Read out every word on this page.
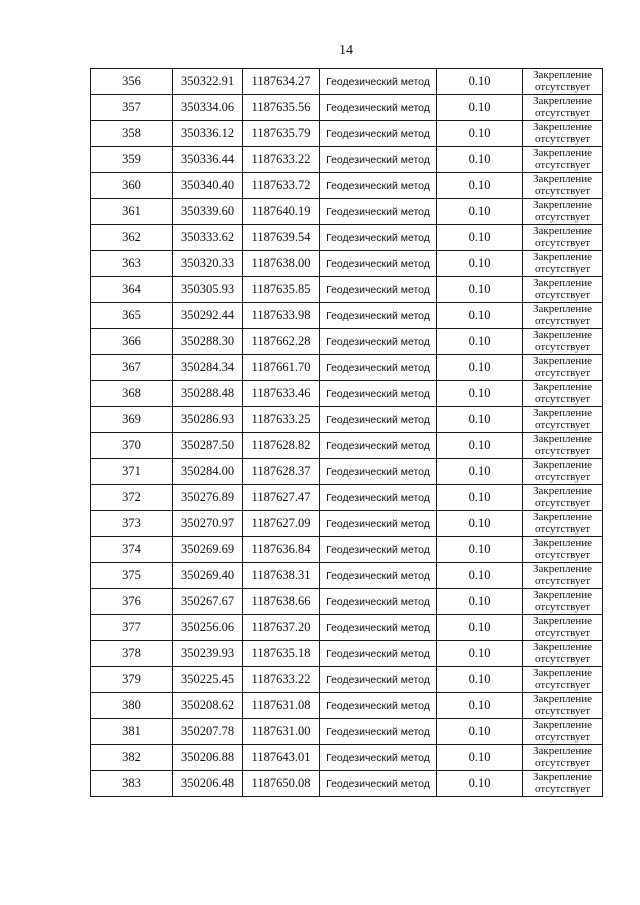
14
356	350322.91	1187634.27	Геодезический метод	0.10	Закрепление отсутствует
357	350334.06	1187635.56	Геодезический метод	0.10	Закрепление отсутствует
358	350336.12	1187635.79	Геодезический метод	0.10	Закрепление отсутствует
359	350336.44	1187633.22	Геодезический метод	0.10	Закрепление отсутствует
360	350340.40	1187633.72	Геодезический метод	0.10	Закрепление отсутствует
361	350339.60	1187640.19	Геодезический метод	0.10	Закрепление отсутствует
362	350333.62	1187639.54	Геодезический метод	0.10	Закрепление отсутствует
363	350320.33	1187638.00	Геодезический метод	0.10	Закрепление отсутствует
364	350305.93	1187635.85	Геодезический метод	0.10	Закрепление отсутствует
365	350292.44	1187633.98	Геодезический метод	0.10	Закрепление отсутствует
366	350288.30	1187662.28	Геодезический метод	0.10	Закрепление отсутствует
367	350284.34	1187661.70	Геодезический метод	0.10	Закрепление отсутствует
368	350288.48	1187633.46	Геодезический метод	0.10	Закрепление отсутствует
369	350286.93	1187633.25	Геодезический метод	0.10	Закрепление отсутствует
370	350287.50	1187628.82	Геодезический метод	0.10	Закрепление отсутствует
371	350284.00	1187628.37	Геодезический метод	0.10	Закрепление отсутствует
372	350276.89	1187627.47	Геодезический метод	0.10	Закрепление отсутствует
373	350270.97	1187627.09	Геодезический метод	0.10	Закрепление отсутствует
374	350269.69	1187636.84	Геодезический метод	0.10	Закрепление отсутствует
375	350269.40	1187638.31	Геодезический метод	0.10	Закрепление отсутствует
376	350267.67	1187638.66	Геодезический метод	0.10	Закрепление отсутствует
377	350256.06	1187637.20	Геодезический метод	0.10	Закрепление отсутствует
378	350239.93	1187635.18	Геодезический метод	0.10	Закрепление отсутствует
379	350225.45	1187633.22	Геодезический метод	0.10	Закрепление отсутствует
380	350208.62	1187631.08	Геодезический метод	0.10	Закрепление отсутствует
381	350207.78	1187631.00	Геодезический метод	0.10	Закрепление отсутствует
382	350206.88	1187643.01	Геодезический метод	0.10	Закрепление отсутствует
383	350206.48	1187650.08	Геодезический метод	0.10	Закрепление отсутствует
